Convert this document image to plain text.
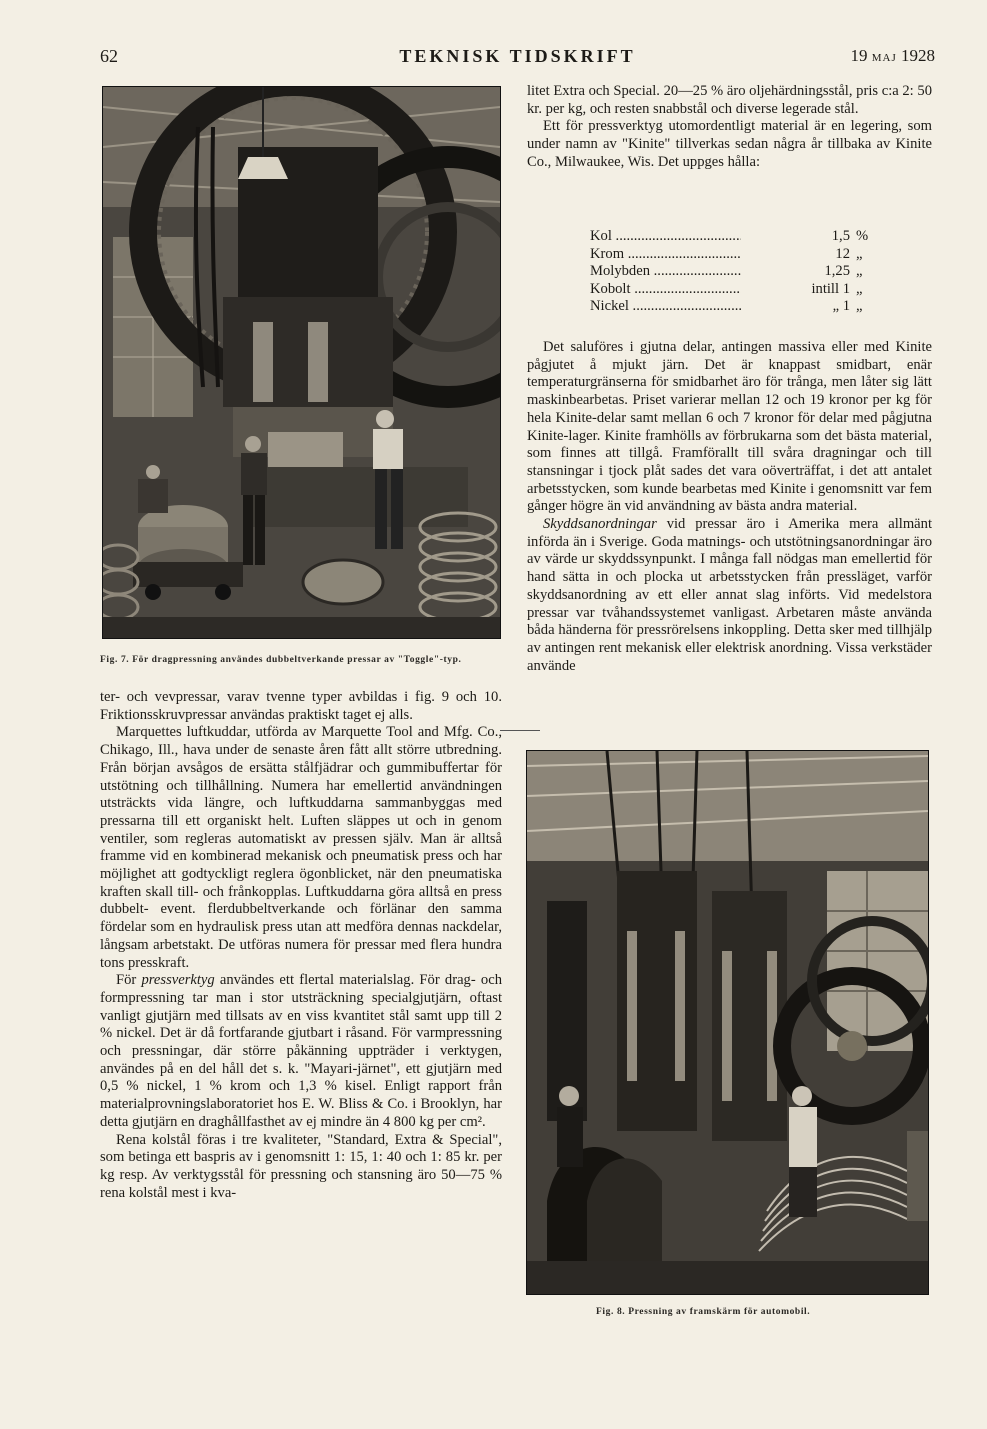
62	TEKNISK TIDSKRIFT	19 MAJ 1928
Fig. 7. För dragpressning användes dubbeltverkande pressar av "Toggle"-typ.

litet Extra och Special. 20—25 % äro oljehärdningsstål, pris c:a 2: 50 kr. per kg, och resten snabbstål och diverse legerade stål.

Ett för pressverktyg utomordentligt material är en legering, som under namn av "Kinite" tillverkas sedan några år tillbaka av Kinite Co., Milwaukee, Wis. Det uppges hålla:

Kol .....	1,5 %
Krom .....	12 „
Molybden .....	1,25 „
Kobolt .....	intill 1 „
Nickel .....	„ 1 „

Det saluföres i gjutna delar, antingen massiva eller med Kinite pågjutet å mjukt järn. Det är knappast smidbart, enär temperaturgränserna för smidbarhet äro för trånga, men låter sig lätt maskinbearbetas. Priset varierar mellan 12 och 19 kronor per kg för hela Kinite-delar samt mellan 6 och 7 kronor för delar med pågjutna Kinite-lager. Kinite framhölls av förbrukarna som det bästa material, som finnes att tillgå. Framförallt till svåra dragningar och till stansningar i tjock plåt sades det vara oöverträffat, i det att antalet arbetsstycken, som kunde bearbetas med Kinite i genomsnitt var fem gånger högre än vid användning av bästa andra material.

Skyddsanordningar vid pressar äro i Amerika mera allmänt införda än i Sverige. Goda matnings- och utstötningsanordningar äro av värde ur skyddssynpunkt. I många fall nödgas man emellertid för hand sätta in och plocka ut arbetsstycken från pressläget, varför skyddsanordning av ett eller annat slag införts. Vid medelstora pressar var tvåhandssystemet vanligast. Arbetaren måste använda båda händerna för pressrörelsens inkoppling. Detta sker med tillhjälp av antingen rent mekanisk eller elektrisk anordning. Vissa verkstäder använde

ter- och vevpressar, varav tvenne typer avbildas i fig. 9 och 10. Friktionsskruvpressar användas praktiskt taget ej alls.

Marquettes luftkuddar, utförda av Marquette Tool and Mfg. Co., Chikago, Ill., hava under de senaste åren fått allt större utbredning. Från början avsågos de ersätta stålfjädrar och gummibuffertar för utstötning och tillhållning. Numera har emellertid användningen utsträckts vida längre, och luftkuddarna sammanbyggas med pressarna till ett organiskt helt. Luften släppes ut och in genom ventiler, som regleras automatiskt av pressen själv. Man är alltså framme vid en kombinerad mekanisk och pneumatisk press och har möjlighet att godtyckligt reglera ögonblicket, när den pneumatiska kraften skall till- och frånkopplas. Luftkuddarna göra alltså en press dubbelt- event. flerdubbeltverkande och förlänar den samma fördelar som en hydraulisk press utan att medföra dennas nackdelar, långsam arbetstakt. De utföras numera för pressar med flera hundra tons presskraft.

För pressverktyg användes ett flertal materialslag. För drag- och formpressning tar man i stor utsträckning specialgjutjärn, oftast vanligt gjutjärn med tillsats av en viss kvantitet stål samt upp till 2 % nickel. Det är då fortfarande gjutbart i råsand. För varmpressning och pressningar, där större påkänning uppträder i verktygen, användes på en del håll det s. k. "Mayari-järnet", ett gjutjärn med 0,5 % nickel, 1 % krom och 1,3 % kisel. Enligt rapport från materialprovningslaboratoriet hos E. W. Bliss & Co. i Brooklyn, har detta gjutjärn en draghållfasthet av ej mindre än 4 800 kg per cm².

Rena kolstål föras i tre kvaliteter, "Standard, Extra & Special", som betinga ett baspris av i genomsnitt 1: 15, 1: 40 och 1: 85 kr. per kg resp. Av verktygsstål för pressning och stansning äro 50—75 % rena kolstål mest i kva-

Fig. 8. Pressning av framskärm för automobil.
